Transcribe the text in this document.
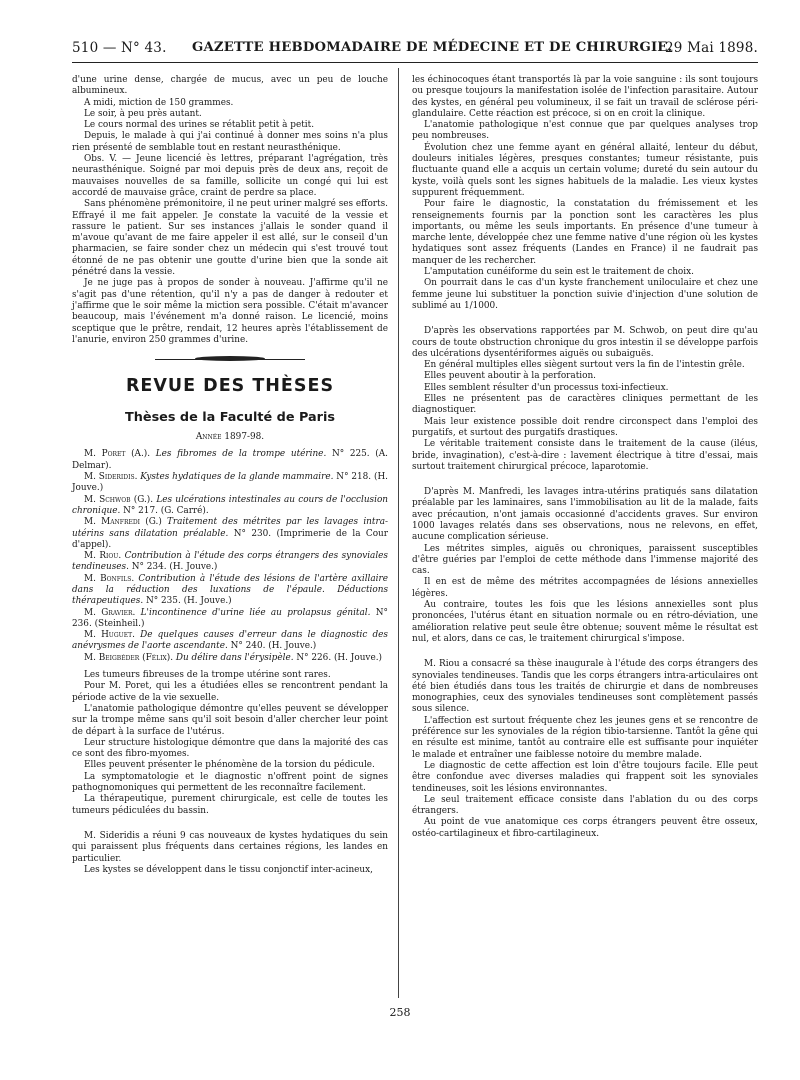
510 — N° 43. GAZETTE HEBDOMADAIRE DE MÉDECINE ET DE CHIRURGIE.
29 Mai 1898.

d'une urine dense, chargée de mucus, avec un peu de louche albumineux.

A midi, miction de 150 grammes.

Le soir, à peu près autant.

Le cours normal des urines se rétablit petit à petit.

Depuis, le malade à qui j'ai continué à donner mes soins n'a plus rien présenté de semblable tout en restant neurasthénique.

Obs. V. — Jeune licencié ès lettres, préparant l'agrégation, très neurasthénique. Soigné par moi depuis près de deux ans, reçoit de mauvaises nouvelles de sa famille, sollicite un congé qui lui est accordé de mauvaise grâce, craint de perdre sa place.

Sans phénomène prémonitoire, il ne peut uriner malgré ses efforts. Effrayé il me fait appeler. Je constate la vacuité de la vessie et rassure le patient. Sur ses instances j'allais le sonder quand il m'avoue qu'avant de me faire appeler il est allé, sur le conseil d'un pharmacien, se faire sonder chez un médecin qui s'est trouvé tout étonné de ne pas obtenir une goutte d'urine bien que la sonde ait pénétré dans la vessie.

Je ne juge pas à propos de sonder à nouveau. J'affirme qu'il ne s'agit pas d'une rétention, qu'il n'y a pas de danger à redouter et j'affirme que le soir même la miction sera possible. C'était m'avancer beaucoup, mais l'événement m'a donné raison. Le licencié, moins sceptique que le prêtre, rendait, 12 heures après l'établissement de l'anurie, environ 250 grammes d'urine.

REVUE DES THÈSES
Thèses de la Faculté de Paris
Année 1897-98.

M. Poret (A.). Les fibromes de la trompe utérine. N° 225. (A. Delmar).

M. Sideridis. Kystes hydatiques de la glande mammaire. N° 218. (H. Jouve.)

M. Schwob (G.). Les ulcérations intestinales au cours de l'occlusion chronique. N° 217. (G. Carré).

M. Manfredi (G.) Traitement des métrites par les lavages intra-utérins sans dilatation préalable. N° 230. (Imprimerie de la Cour d'appel).

M. Riou. Contribution à l'étude des corps étrangers des synoviales tendineuses. N° 234. (H. Jouve.)

M. Bonfils. Contribution à l'étude des lésions de l'artère axillaire dans la réduction des luxations de l'épaule. Déductions thérapeutiques. N° 235. (H. Jouve.)

M. Gravier. L'incontinence d'urine liée au prolapsus génital. N° 236. (Steinheil.)

M. Huguet. De quelques causes d'erreur dans le diagnostic des anévrysmes de l'aorte ascendante. N° 240. (H. Jouve.)

M. Beigbéder (Félix). Du délire dans l'érysipèle. N° 226. (H. Jouve.)

Les tumeurs fibreuses de la trompe utérine sont rares.

Pour M. Poret, qui les a étudiées elles se rencontrent pendant la période active de la vie sexuelle.

L'anatomie pathologique démontre qu'elles peuvent se développer sur la trompe même sans qu'il soit besoin d'aller chercher leur point de départ à la surface de l'utérus.

Leur structure histologique démontre que dans la majorité des cas ce sont des fibro-myomes.

Elles peuvent présenter le phénomène de la torsion du pédicule.

La symptomatologie et le diagnostic n'offrent point de signes pathognomoniques qui permettent de les reconnaître facilement.

La thérapeutique, purement chirurgicale, est celle de toutes les tumeurs pédiculées du bassin.

M. Sideridis a réuni 9 cas nouveaux de kystes hydatiques du sein qui paraissent plus fréquents dans certaines régions, les landes en particulier.

Les kystes se développent dans le tissu conjonctif inter-acineux,

les échinocoques étant transportés là par la voie sanguine : ils sont toujours ou presque toujours la manifestation isolée de l'infection parasitaire. Autour des kystes, en général peu volumineux, il se fait un travail de sclérose péri-glandulaire. Cette réaction est précoce, si on en croit la clinique.

L'anatomie pathologique n'est connue que par quelques analyses trop peu nombreuses.

Évolution chez une femme ayant en général allaité, lenteur du début, douleurs initiales légères, presques constantes; tumeur résistante, puis fluctuante quand elle a acquis un certain volume; dureté du sein autour du kyste, voilà quels sont les signes habituels de la maladie. Les vieux kystes suppurent fréquemment.

Pour faire le diagnostic, la constatation du frémissement et les renseignements fournis par la ponction sont les caractères les plus importants, ou même les seuls importants. En présence d'une tumeur à marche lente, développée chez une femme native d'une région où les kystes hydatiques sont assez fréquents (Landes en France) il ne faudrait pas manquer de les rechercher.

L'amputation cunéiforme du sein est le traitement de choix.

On pourrait dans le cas d'un kyste franchement uniloculaire et chez une femme jeune lui substituer la ponction suivie d'injection d'une solution de sublimé au 1/1000.

D'après les observations rapportées par M. Schwob, on peut dire qu'au cours de toute obstruction chronique du gros intestin il se développe parfois des ulcérations dysentériformes aiguës ou subaiguës.

En général multiples elles siègent surtout vers la fin de l'intestin grêle.

Elles peuvent aboutir à la perforation.

Elles semblent résulter d'un processus toxi-infectieux.

Elles ne présentent pas de caractères cliniques permettant de les diagnostiquer.

Mais leur existence possible doit rendre circonspect dans l'emploi des purgatifs, et surtout des purgatifs drastiques.

Le véritable traitement consiste dans le traitement de la cause (iléus, bride, invagination), c'est-à-dire : lavement électrique à titre d'essai, mais surtout traitement chirurgical précoce, laparotomie.

D'après M. Manfredi, les lavages intra-utérins pratiqués sans dilatation préalable par les laminaires, sans l'immobilisation au lit de la malade, faits avec précaution, n'ont jamais occasionné d'accidents graves. Sur environ 1000 lavages relatés dans ses observations, nous ne relevons, en effet, aucune complication sérieuse.

Les métrites simples, aiguës ou chroniques, paraissent susceptibles d'être guéries par l'emploi de cette méthode dans l'immense majorité des cas.

Il en est de même des métrites accompagnées de lésions annexielles légères.

Au contraire, toutes les fois que les lésions annexielles sont plus prononcées, l'utérus étant en situation normale ou en rétro-déviation, une amélioration relative peut seule être obtenue; souvent même le résultat est nul, et alors, dans ce cas, le traitement chirurgical s'impose.

M. Riou a consacré sa thèse inaugurale à l'étude des corps étrangers des synoviales tendineuses. Tandis que les corps étrangers intra-articulaires ont été bien étudiés dans tous les traités de chirurgie et dans de nombreuses monographies, ceux des synoviales tendineuses sont complètement passés sous silence.

L'affection est surtout fréquente chez les jeunes gens et se rencontre de préférence sur les synoviales de la région tibio-tarsienne. Tantôt la gêne qui en résulte est minime, tantôt au contraire elle est suffisante pour inquiéter le malade et entraîner une faiblesse notoire du membre malade.

Le diagnostic de cette affection est loin d'être toujours facile. Elle peut être confondue avec diverses maladies qui frappent soit les synoviales tendineuses, soit les lésions environnantes.

Le seul traitement efficace consiste dans l'ablation du ou des corps étrangers.

Au point de vue anatomique ces corps étrangers peuvent être osseux, ostéo-cartilagineux et fibro-cartilagineux.

258
